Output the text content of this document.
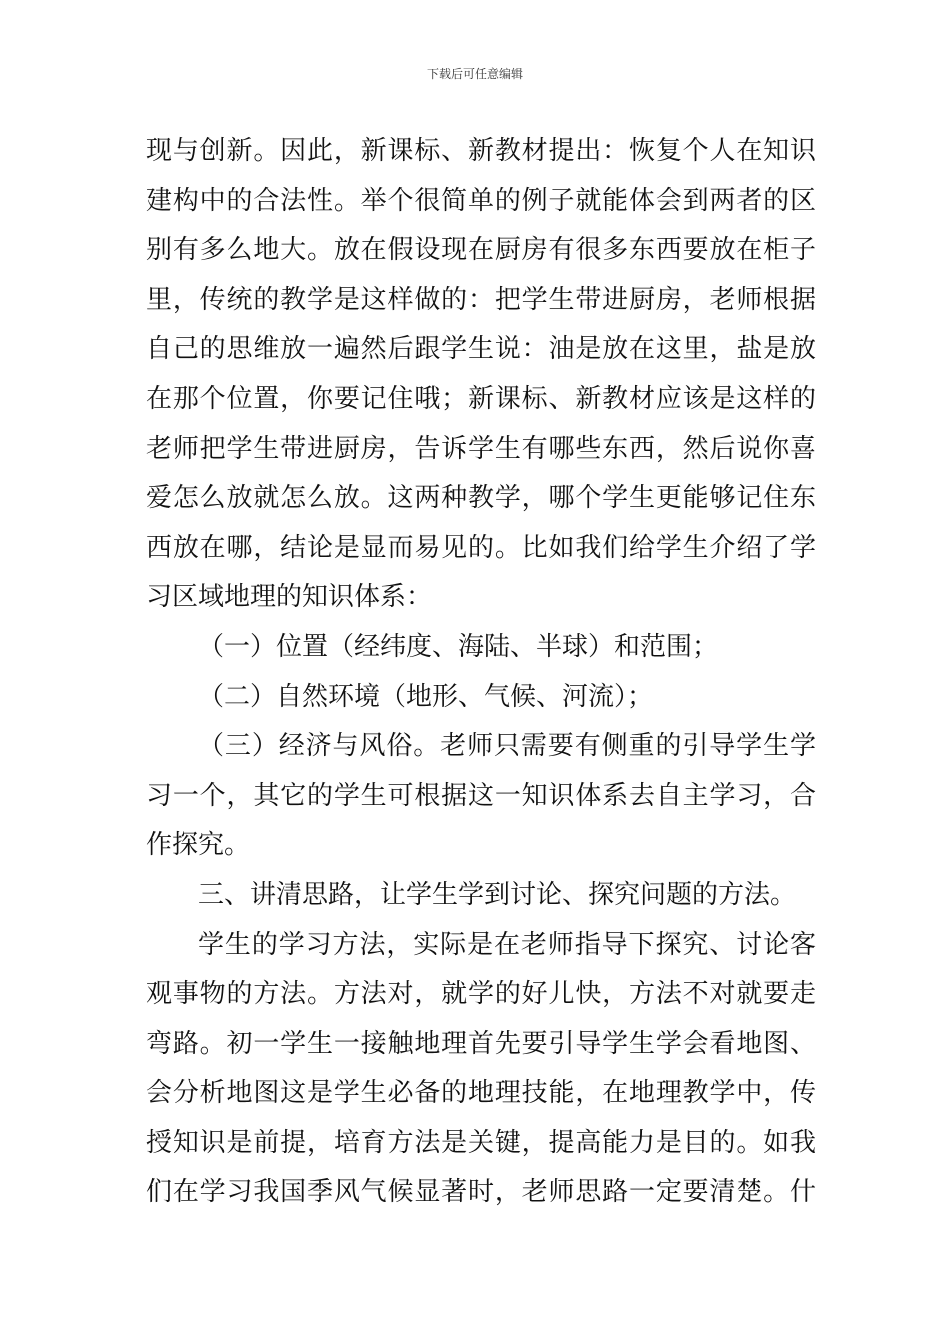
下载后可任意编辑
现与创新。因此，新课标、新教材提出：恢复个人在知识
建构中的合法性。举个很简单的例子就能体会到两者的区
别有多么地大。放在假设现在厨房有很多东西要放在柜子
里，传统的教学是这样做的：把学生带进厨房，老师根据
自己的思维放一遍然后跟学生说：油是放在这里，盐是放
在那个位置，你要记住哦；新课标、新教材应该是这样的
老师把学生带进厨房，告诉学生有哪些东西，然后说你喜
爱怎么放就怎么放。这两种教学，哪个学生更能够记住东
西放在哪，结论是显而易见的。比如我们给学生介绍了学
习区域地理的知识体系：
（一）位置（经纬度、海陆、半球）和范围；
（二）自然环境（地形、气候、河流）；
（三）经济与风俗。老师只需要有侧重的引导学生学
习一个，其它的学生可根据这一知识体系去自主学习，合
作探究。
三、讲清思路，让学生学到讨论、探究问题的方法。
学生的学习方法，实际是在老师指导下探究、讨论客
观事物的方法。方法对，就学的好儿快，方法不对就要走
弯路。初一学生一接触地理首先要引导学生学会看地图、
会分析地图这是学生必备的地理技能，在地理教学中，传
授知识是前提，培育方法是关键，提高能力是目的。如我
们在学习我国季风气候显著时，老师思路一定要清楚。什
